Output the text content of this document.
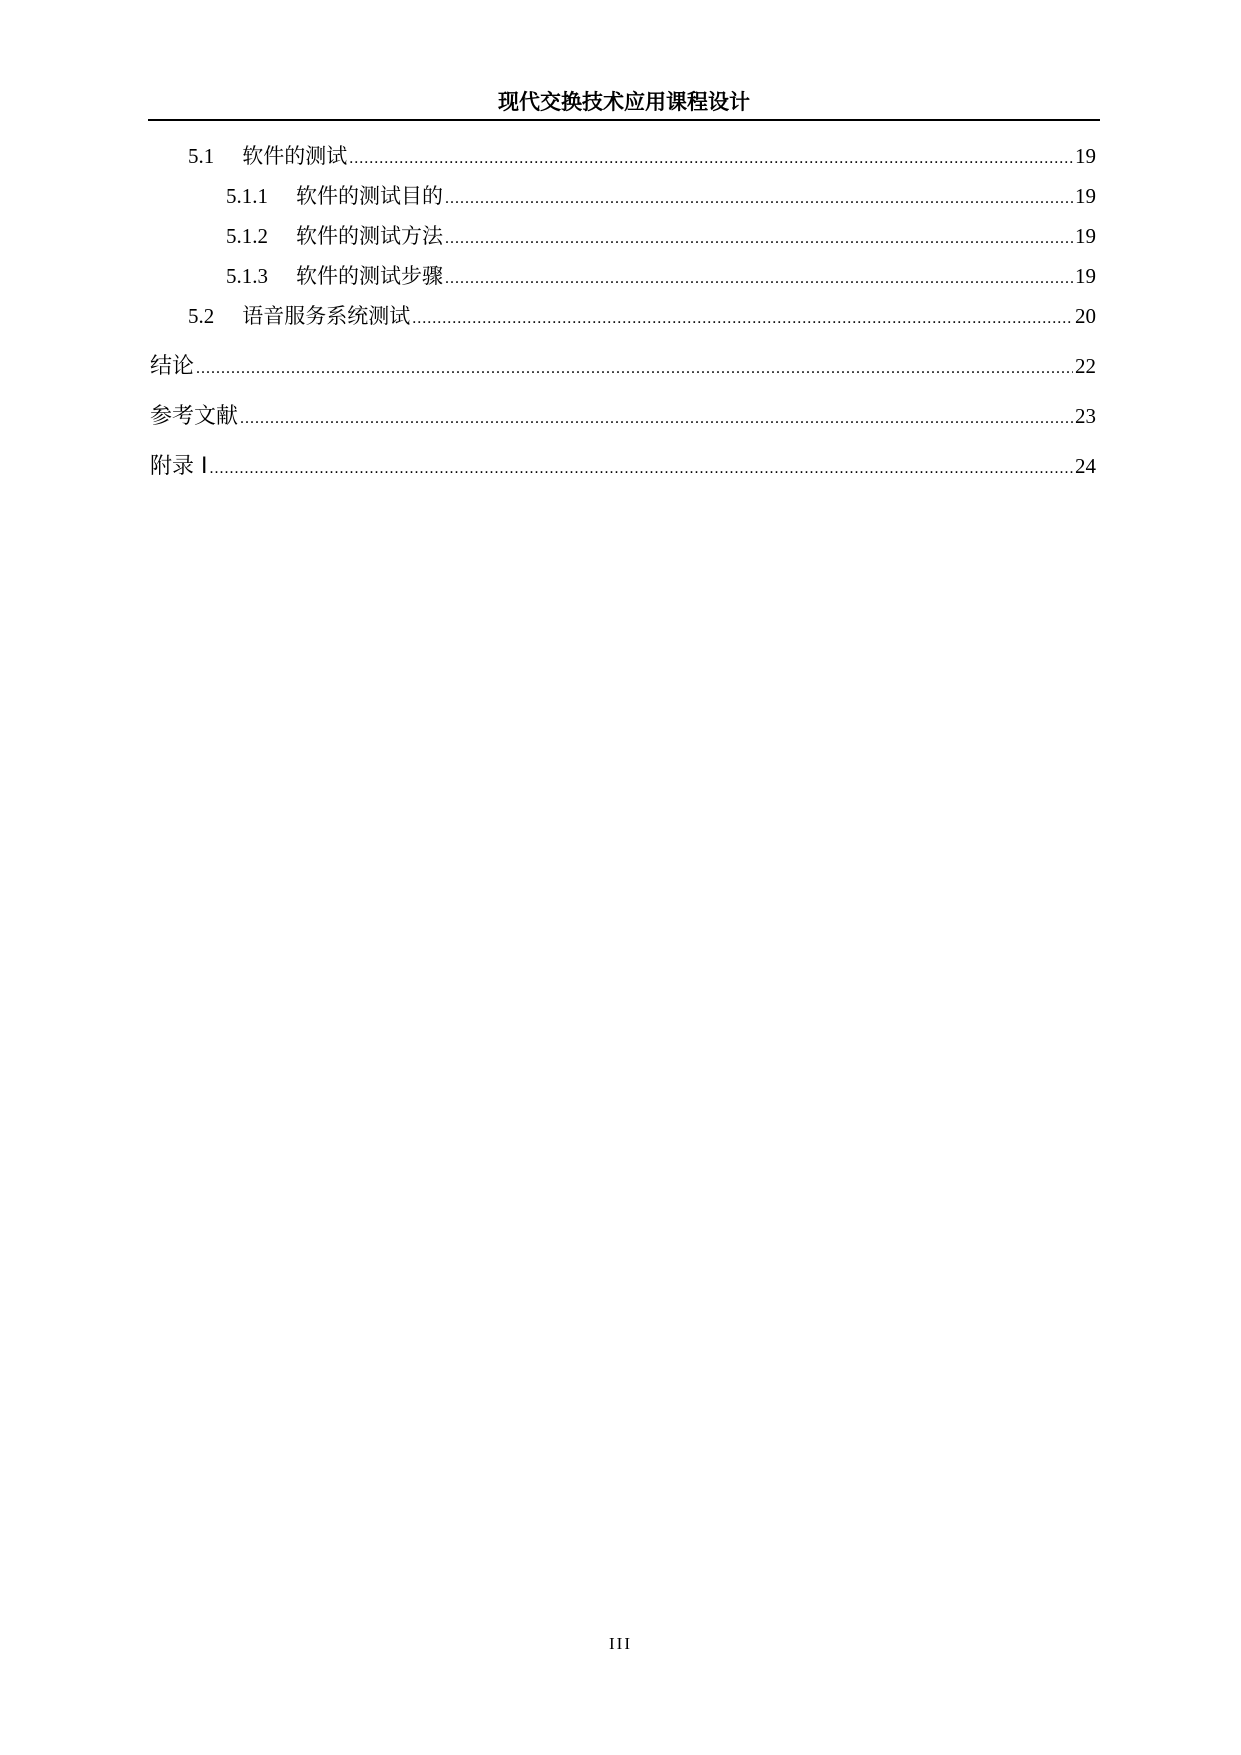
现代交换技术应用课程设计
5.1 软件的测试 .....	19
5.1.1 软件的测试目的 .....	19
5.1.2 软件的测试方法 .....	19
5.1.3 软件的测试步骤 .....	19
5.2 语音服务系统测试 .....	20
结论 .....	22
参考文献 .....	23
附录 I .....	24
III
